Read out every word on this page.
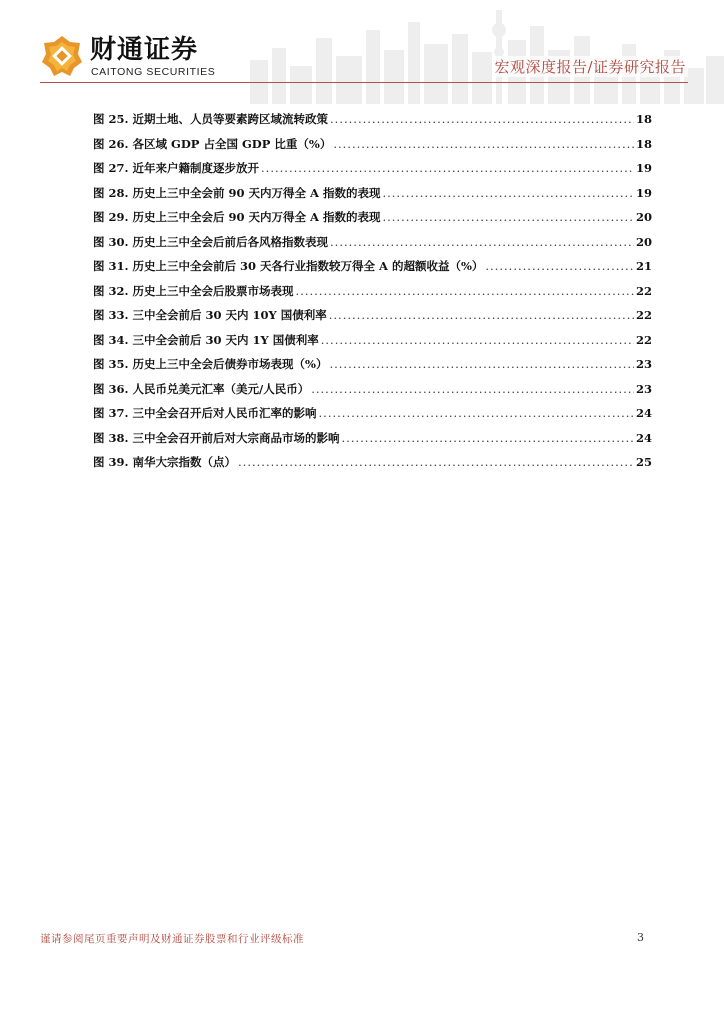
财通证券
CAITONG SECURITIES	宏观深度报告/证券研究报告
图 25. 近期土地、人员等要素跨区域流转政策 .....	18
图 26. 各区域 GDP 占全国 GDP 比重（%） .....	18
图 27. 近年来户籍制度逐步放开 .....	19
图 28. 历史上三中全会前 90 天内万得全 A 指数的表现 .....	19
图 29. 历史上三中全会后 90 天内万得全 A 指数的表现 .....	20
图 30. 历史上三中全会后前后各风格指数表现 .....	20
图 31. 历史上三中全会前后 30 天各行业指数较万得全 A 的超额收益（%） .....	21
图 32. 历史上三中全会后股票市场表现 .....	22
图 33. 三中全会前后 30 天内 10Y 国债利率 .....	22
图 34. 三中全会前后 30 天内 1Y 国债利率 .....	22
图 35. 历史上三中全会后债券市场表现（%） .....	23
图 36. 人民币兑美元汇率（美元/人民币） .....	23
图 37. 三中全会召开后对人民币汇率的影响 .....	24
图 38. 三中全会召开前后对大宗商品市场的影响 .....	24
图 39. 南华大宗指数（点） .....	25
谨请参阅尾页重要声明及财通证券股票和行业评级标准	3
